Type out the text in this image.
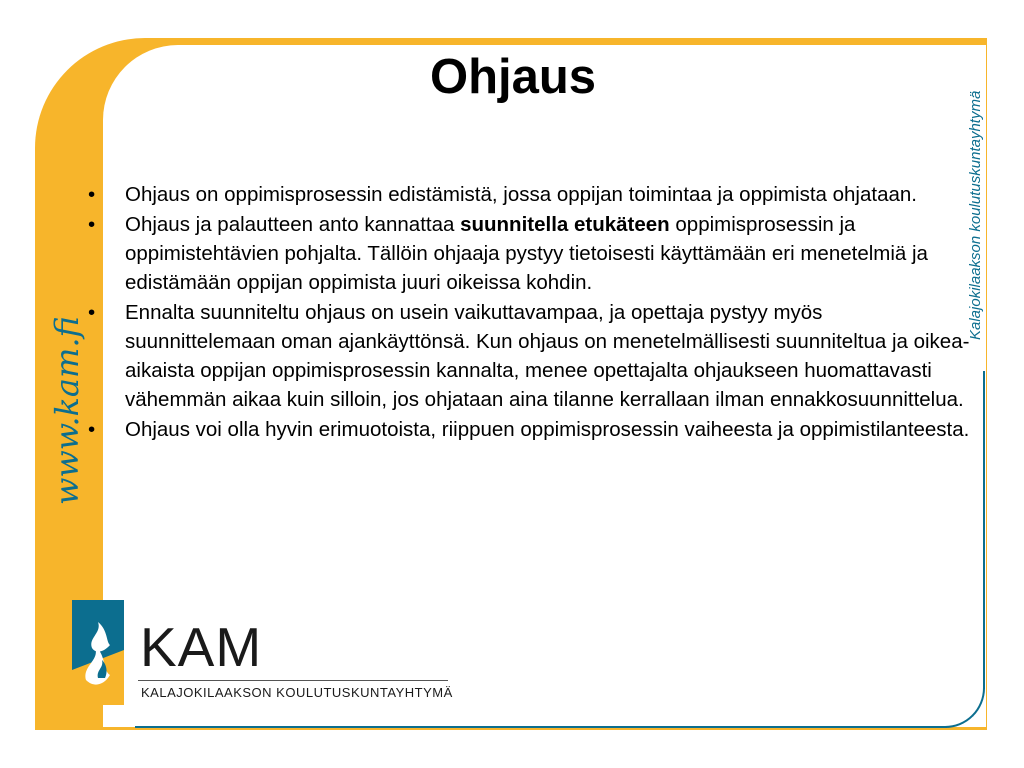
www.kam.fi
Kalajokilaakson koulutuskuntayhtymä
Ohjaus
• Ohjaus on oppimisprosessin edistämistä, jossa oppijan toimintaa ja oppimista ohjataan.
• Ohjaus ja palautteen anto kannattaa suunnitella etukäteen oppimisprosessin ja oppimistehtävien pohjalta. Tällöin ohjaaja pystyy tietoisesti käyttämään eri menetelmiä ja edistämään oppijan oppimista juuri oikeissa kohdin.
• Ennalta suunniteltu ohjaus on usein vaikuttavampaa, ja opettaja pystyy myös suunnittelemaan oman ajankäyttönsä. Kun ohjaus on menetelmällisesti suunniteltua ja oikea-aikaista oppijan oppimisprosessin kannalta, menee opettajalta ohjaukseen huomattavasti vähemmän aikaa kuin silloin, jos ohjataan aina tilanne kerrallaan ilman ennakkosuunnittelua.
• Ohjaus voi olla hyvin erimuotoista, riippuen oppimisprosessin vaiheesta ja oppimistilanteesta.
KAM
KALAJOKILAAKSON KOULUTUSKUNTAYHTYMÄ
